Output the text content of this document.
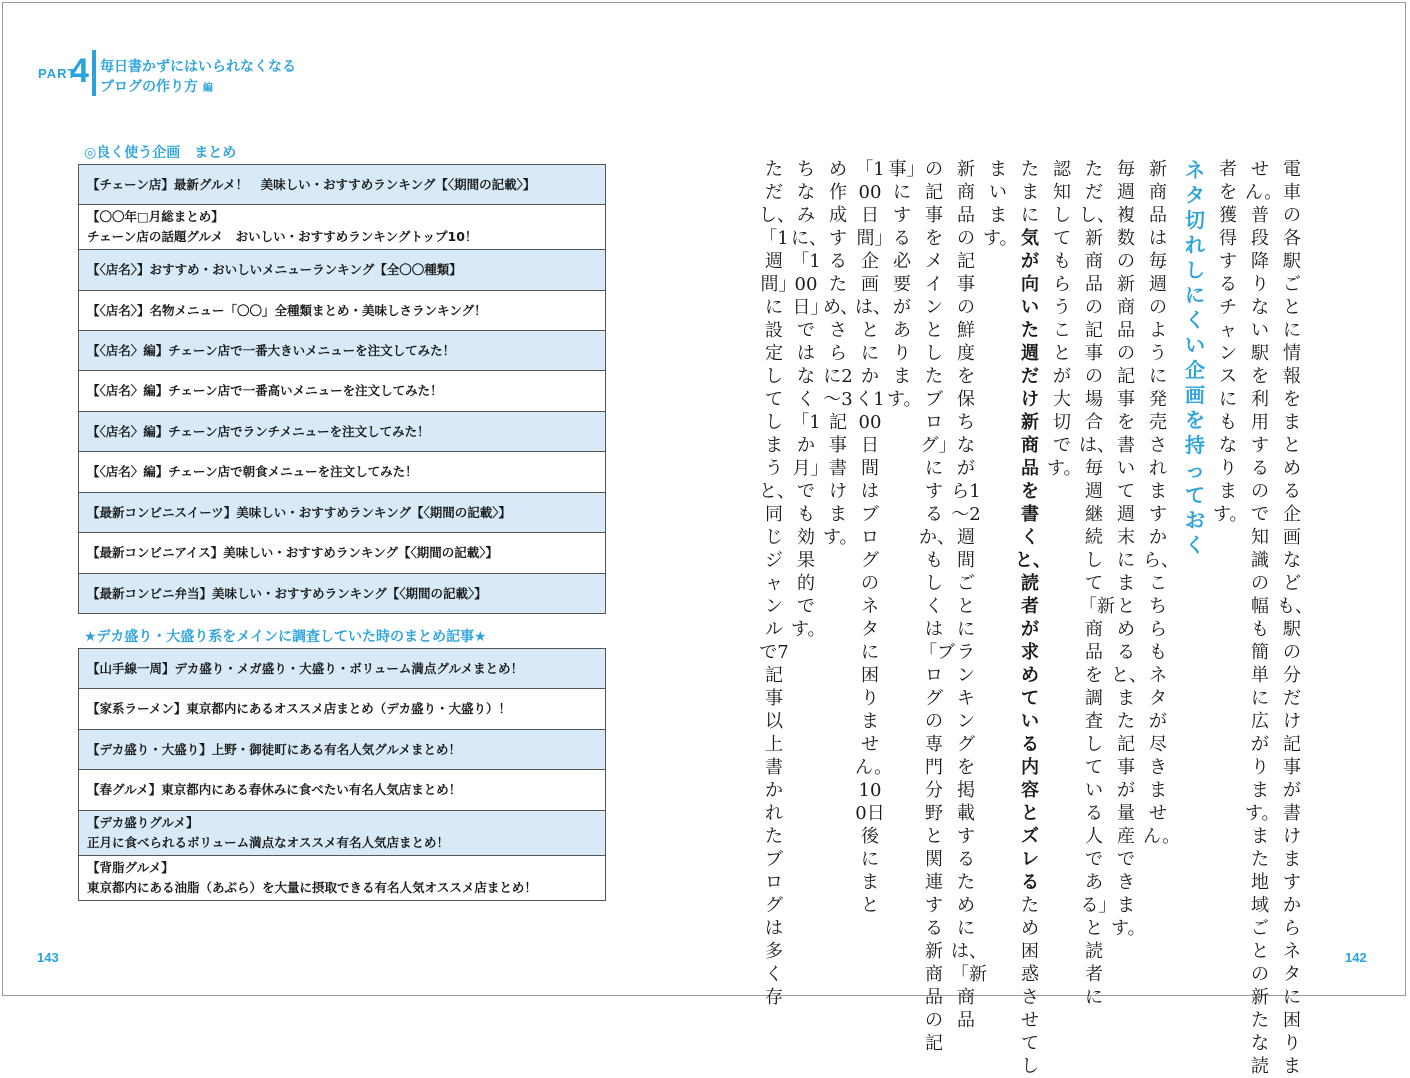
PART
4 毎日書かずにはいられなくなる
ブログの作り方 編
◎良く使う企画　まとめ
【チェーン店】最新グルメ！　美味しい・おすすめランキング【〈期間の記載〉】

【〇〇年□月総まとめ】
チェーン店の話題グルメ　おいしい・おすすめランキングトップ10！

【〈店名〉】おすすめ・おいしいメニューランキング【全〇〇種類】
【〈店名〉】名物メニュー「〇〇」全種類まとめ・美味しさランキング！
【〈店名〉編】チェーン店で一番大きいメニューを注文してみた！
【〈店名〉編】チェーン店で一番高いメニューを注文してみた！
【〈店名〉編】チェーン店でランチメニューを注文してみた！
【〈店名〉編】チェーン店で朝食メニューを注文してみた！
【最新コンビニスイーツ】美味しい・おすすめランキング【〈期間の記載〉】
【最新コンビニアイス】美味しい・おすすめランキング【〈期間の記載〉】
【最新コンビニ弁当】美味しい・おすすめランキング【〈期間の記載〉】
★デカ盛り・大盛り系をメインに調査していた時のまとめ記事★
【山手線一周】デカ盛り・メガ盛り・大盛り・ボリューム満点グルメまとめ！
【家系ラーメン】東京都内にあるオススメ店まとめ（デカ盛り・大盛り）！
【デカ盛り・大盛り】上野・御徒町にある有名人気グルメまとめ！
【春グルメ】東京都内にある春休みに食べたい有名人気店まとめ！

【デカ盛りグルメ】
正月に食べられるボリューム満点なオススメ有名人気店まとめ！

【背脂グルメ】
東京都内にある油脂（あぶら）を大量に摂取できる有名人気オススメ店まとめ！
143
電車の各駅ごとに情報をまとめる企画なども、駅の分だけ記事が書けますからネタに困りま
せん。普段降りない駅を利用するので知識の幅も簡単に広がります。また地域ごとの新たな読
者を獲得するチャンスにもなります。
ネタ切れしにくい企画を持っておく
新商品は毎週のように発売されますから、こちらもネタが尽きません。
毎週複数の新商品の記事を書いて週末にまとめると、また記事が量産できます。
ただし、新商品の記事の場合は、毎週継続して「新商品を調査している人である」と読者に
認知してもらうことが大切です。
たまに気が向いた週だけ新商品を書くと、読者が求めている内容とズレるため困惑させてし
まいます。
新商品の記事の鮮度を保ちながら1～2週間ごとにランキングを掲載するためには、「新商品
の記事をメインとしたブログ」にするか、もしくは「ブログの専門分野と関連する新商品の記
事」にする必要があります。
「100日間」企画は、とにかく100日間はブログのネタに困りません。100日後にまと
め作成するため、さらに2～3記事書けます。
ちなみに、「100日」ではなく「1か月」でも効果的です。
ただし、「1週間」に設定してしまうと、同じジャンルで7記事以上書かれたブログは多く存
142
